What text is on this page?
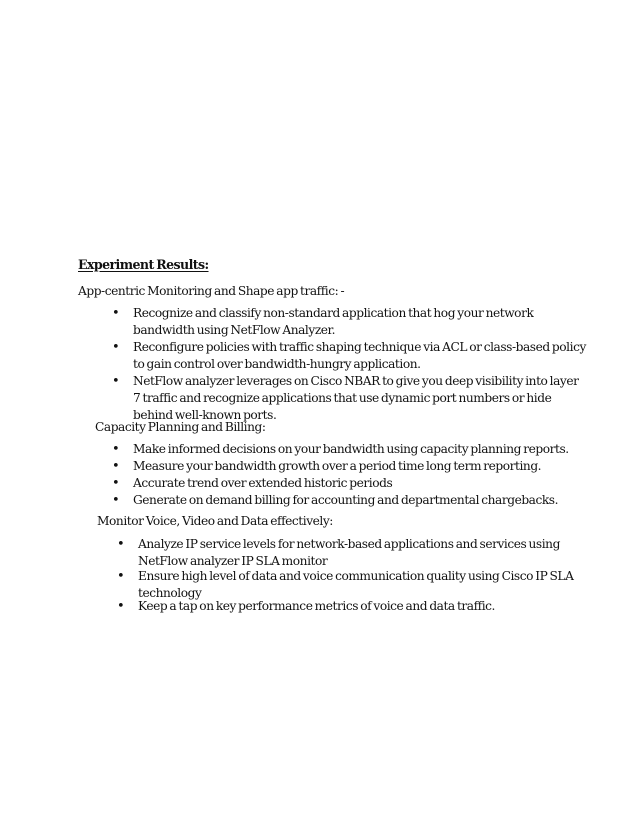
Experiment Results:
App-centric Monitoring and Shape app traffic: -
• Recognize and classify non-standard application that hog your network
bandwidth using NetFlow Analyzer.
• Reconfigure policies with traffic shaping technique via ACL or class-based policy
to gain control over bandwidth-hungry application.
• NetFlow analyzer leverages on Cisco NBAR to give you deep visibility into layer
7 traffic and recognize applications that use dynamic port numbers or hide
behind well-known ports.
Capacity Planning and Billing:
• Make informed decisions on your bandwidth using capacity planning reports.
• Measure your bandwidth growth over a period time long term reporting.
• Accurate trend over extended historic periods
• Generate on demand billing for accounting and departmental chargebacks.
Monitor Voice, Video and Data effectively:
• Analyze IP service levels for network-based applications and services using
NetFlow analyzer IP SLA monitor
• Ensure high level of data and voice communication quality using Cisco IP SLA
technology
• Keep a tap on key performance metrics of voice and data traffic.
